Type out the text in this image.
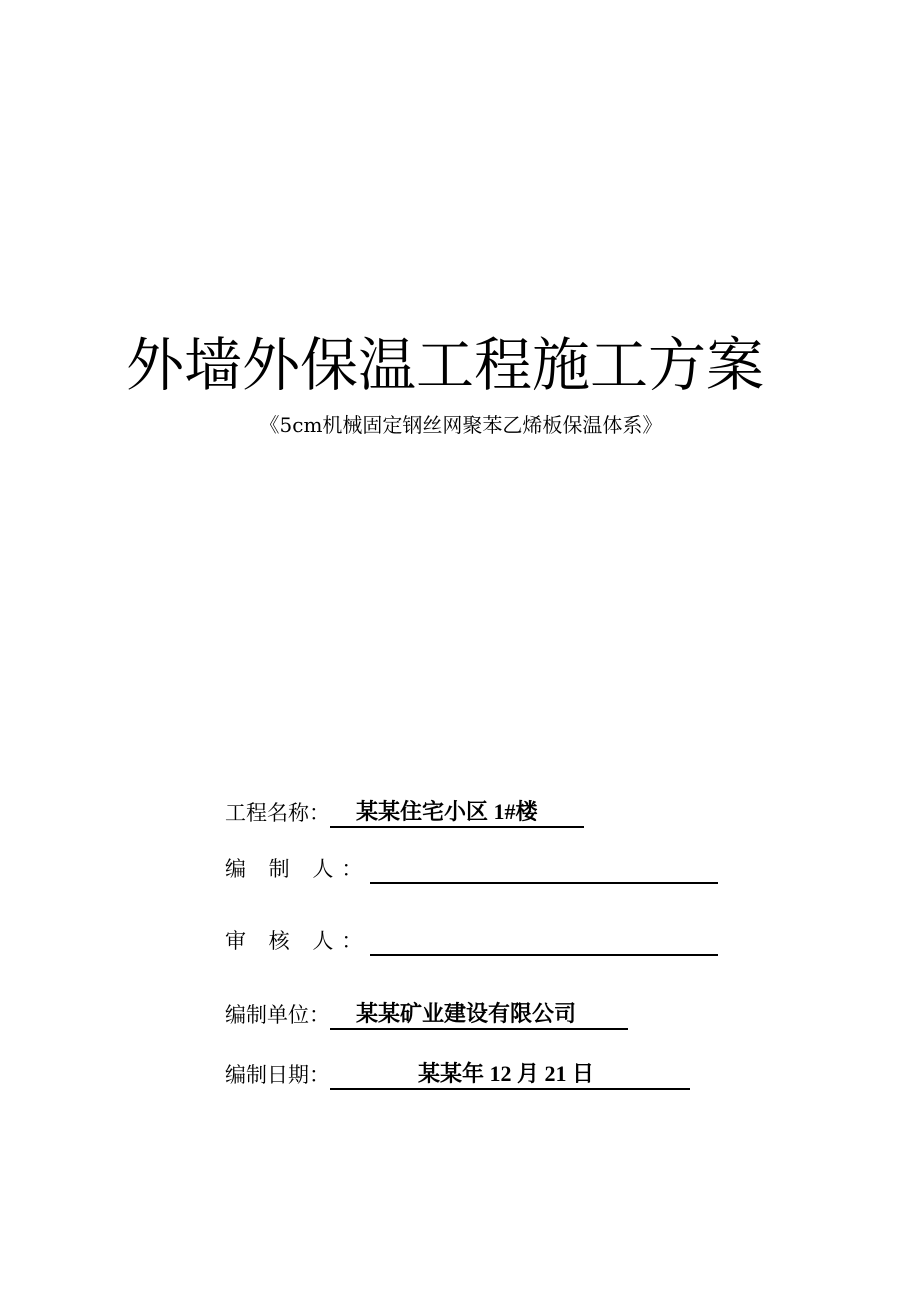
外墙外保温工程施工方案
《5cm机械固定钢丝网聚苯乙烯板保温体系》
工程名称：	某某住宅小区 1#楼
编 制 人：
审 核 人：
编制单位：	某某矿业建设有限公司
编制日期：	某某年 12 月 21 日
